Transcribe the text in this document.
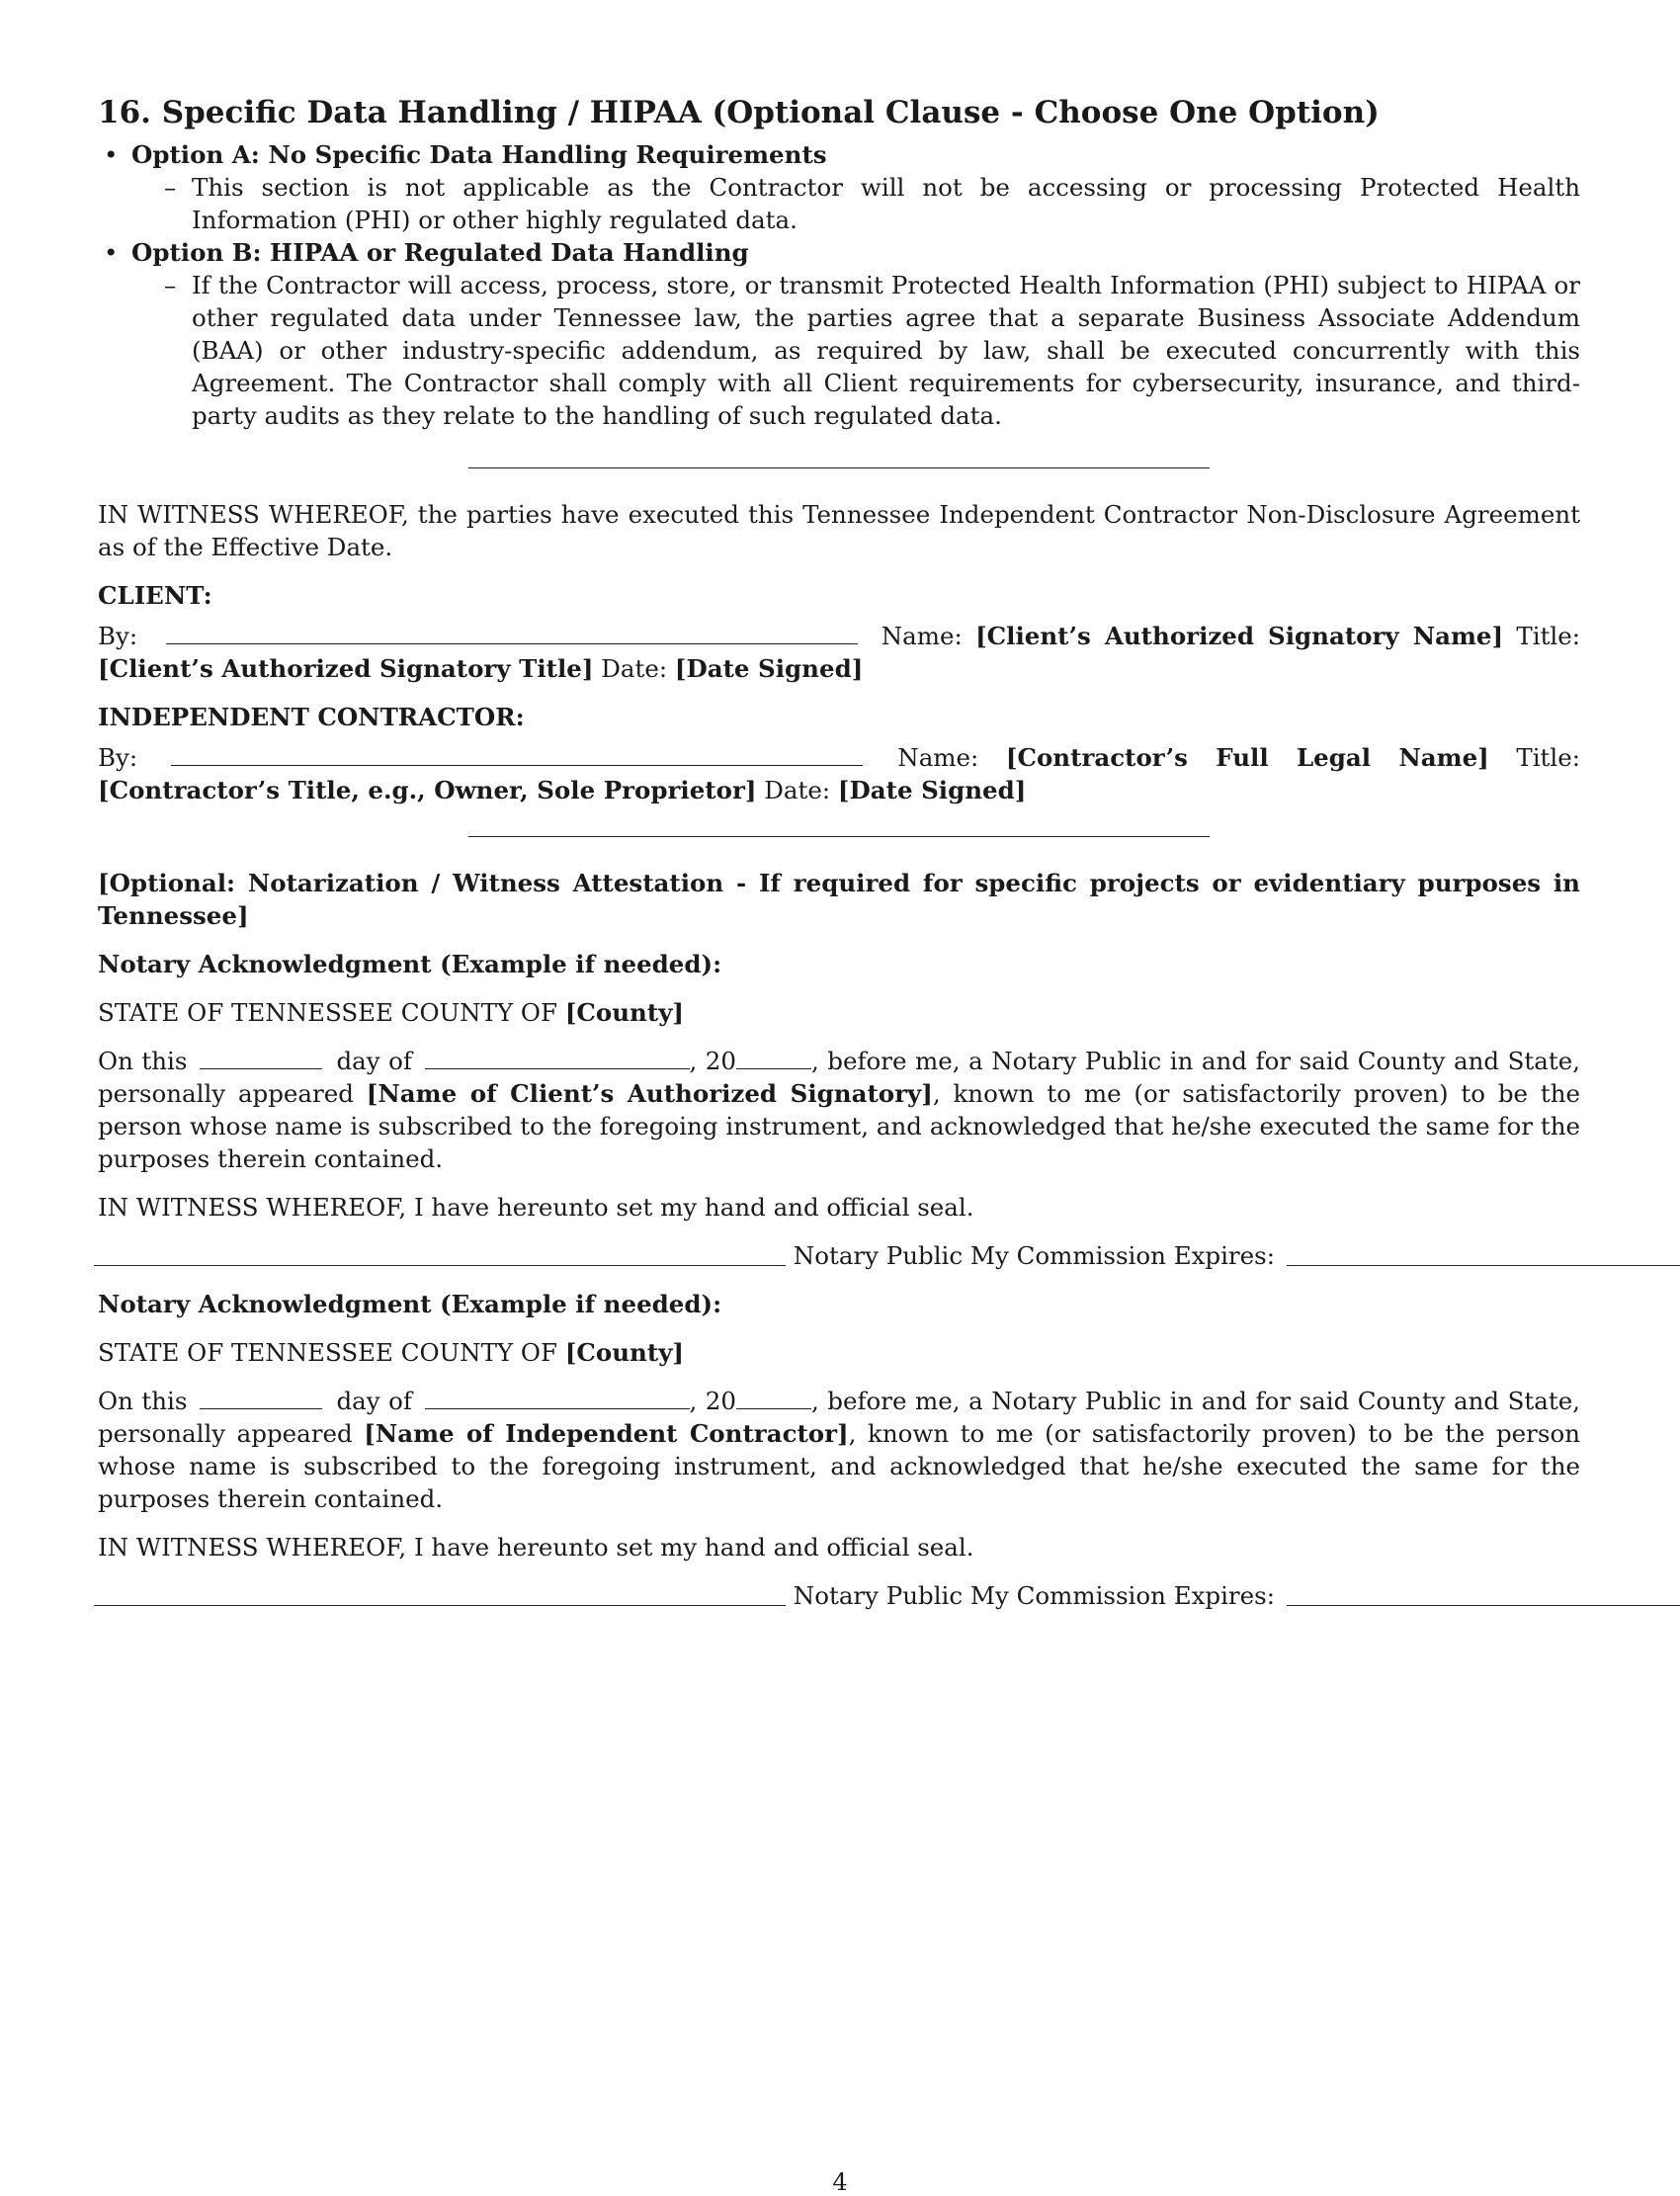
16. Specific Data Handling / HIPAA (Optional Clause - Choose One Option)
• Option A: No Specific Data Handling Requirements
– This section is not applicable as the Contractor will not be accessing or processing Protected Health Information (PHI) or other highly regulated data.
• Option B: HIPAA or Regulated Data Handling
– If the Contractor will access, process, store, or transmit Protected Health Information (PHI) subject to HIPAA or other regulated data under Tennessee law, the parties agree that a separate Business Associate Addendum (BAA) or other industry-specific addendum, as required by law, shall be executed concurrently with this Agreement. The Contractor shall comply with all Client requirements for cybersecurity, insurance, and third-party audits as they relate to the handling of such regulated data.

IN WITNESS WHEREOF, the parties have executed this Tennessee Independent Contractor Non-Disclosure Agreement as of the Effective Date.

CLIENT:

By:	Name: [Client’s Authorized Signatory Name] Title: [Client’s Authorized Signatory Title] Date: [Date Signed]

INDEPENDENT CONTRACTOR:

By:	Name: [Contractor’s Full Legal Name] Title: [Contractor’s Title, e.g., Owner, Sole Proprietor] Date: [Date Signed]

[Optional: Notarization / Witness Attestation - If required for specific projects or evidentiary purposes in Tennessee]

Notary Acknowledgment (Example if needed):

STATE OF TENNESSEE COUNTY OF [County]

On this	day of	, 20	, before me, a Notary Public in and for said County and State, personally appeared [Name of Client’s Authorized Signatory], known to me (or satisfactorily proven) to be the person whose name is subscribed to the foregoing instrument, and acknowledged that he/she executed the same for the purposes therein contained.

IN WITNESS WHEREOF, I have hereunto set my hand and official seal.

Notary Public My Commission Expires:

Notary Acknowledgment (Example if needed):

STATE OF TENNESSEE COUNTY OF [County]

On this	day of	, 20	, before me, a Notary Public in and for said County and State, personally appeared [Name of Independent Contractor], known to me (or satisfactorily proven) to be the person whose name is subscribed to the foregoing instrument, and acknowledged that he/she executed the same for the purposes therein contained.

IN WITNESS WHEREOF, I have hereunto set my hand and official seal.

Notary Public My Commission Expires:
4
